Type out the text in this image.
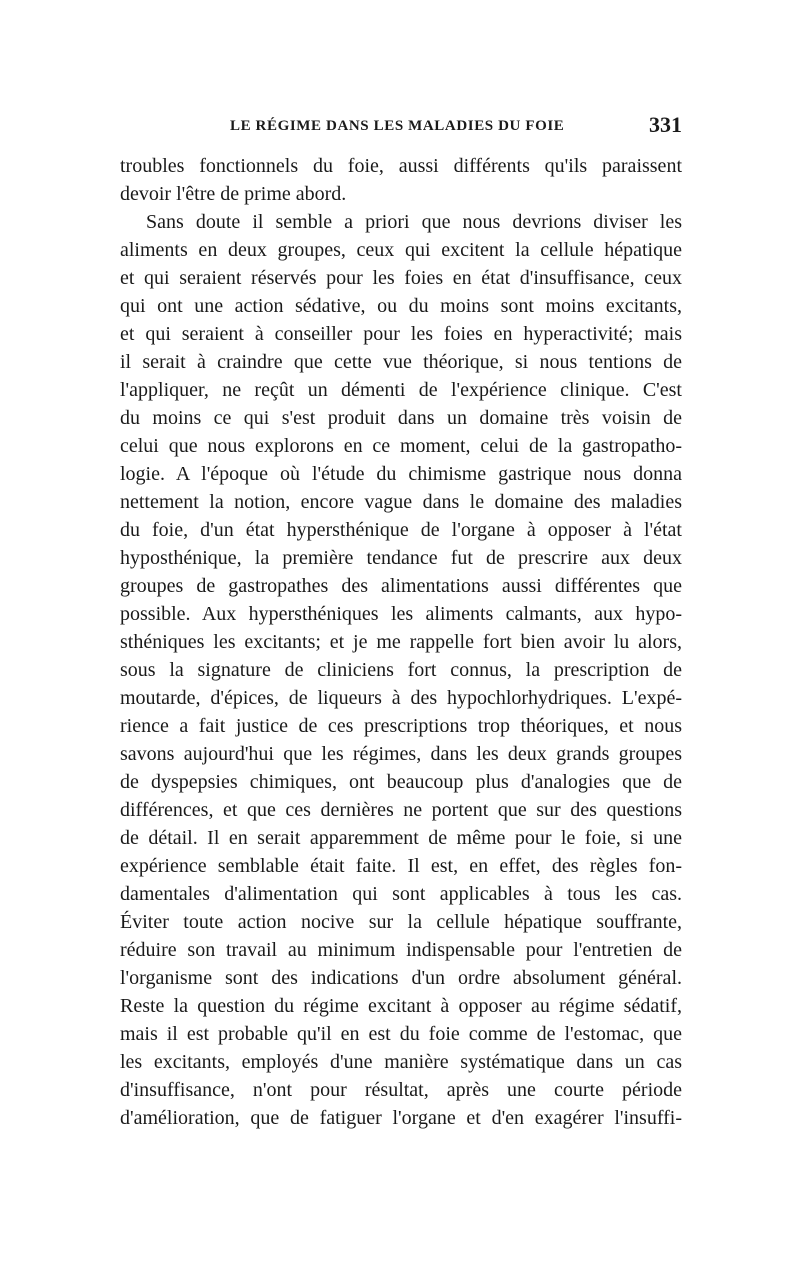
LE RÉGIME DANS LES MALADIES DU FOIE	331
troubles fonctionnels du foie, aussi différents qu'ils paraissent
devoir l'être de prime abord.
Sans doute il semble a priori que nous devrions diviser les
aliments en deux groupes, ceux qui excitent la cellule hépatique
et qui seraient réservés pour les foies en état d'insuffisance, ceux
qui ont une action sédative, ou du moins sont moins excitants,
et qui seraient à conseiller pour les foies en hyperactivité; mais
il serait à craindre que cette vue théorique, si nous tentions de
l'appliquer, ne reçût un démenti de l'expérience clinique. C'est
du moins ce qui s'est produit dans un domaine très voisin de
celui que nous explorons en ce moment, celui de la gastropatho-
logie. A l'époque où l'étude du chimisme gastrique nous donna
nettement la notion, encore vague dans le domaine des maladies
du foie, d'un état hypersthénique de l'organe à opposer à l'état
hyposthénique, la première tendance fut de prescrire aux deux
groupes de gastropathes des alimentations aussi différentes que
possible. Aux hypersthéniques les aliments calmants, aux hypo-
sthéniques les excitants; et je me rappelle fort bien avoir lu alors,
sous la signature de cliniciens fort connus, la prescription de
moutarde, d'épices, de liqueurs à des hypochlorhydriques. L'expé-
rience a fait justice de ces prescriptions trop théoriques, et nous
savons aujourd'hui que les régimes, dans les deux grands groupes
de dyspepsies chimiques, ont beaucoup plus d'analogies que de
différences, et que ces dernières ne portent que sur des questions
de détail. Il en serait apparemment de même pour le foie, si une
expérience semblable était faite. Il est, en effet, des règles fon-
damentales d'alimentation qui sont applicables à tous les cas.
Éviter toute action nocive sur la cellule hépatique souffrante,
réduire son travail au minimum indispensable pour l'entretien de
l'organisme sont des indications d'un ordre absolument général.
Reste la question du régime excitant à opposer au régime sédatif,
mais il est probable qu'il en est du foie comme de l'estomac, que
les excitants, employés d'une manière systématique dans un cas
d'insuffisance, n'ont pour résultat, après une courte période
d'amélioration, que de fatiguer l'organe et d'en exagérer l'insuffi-
